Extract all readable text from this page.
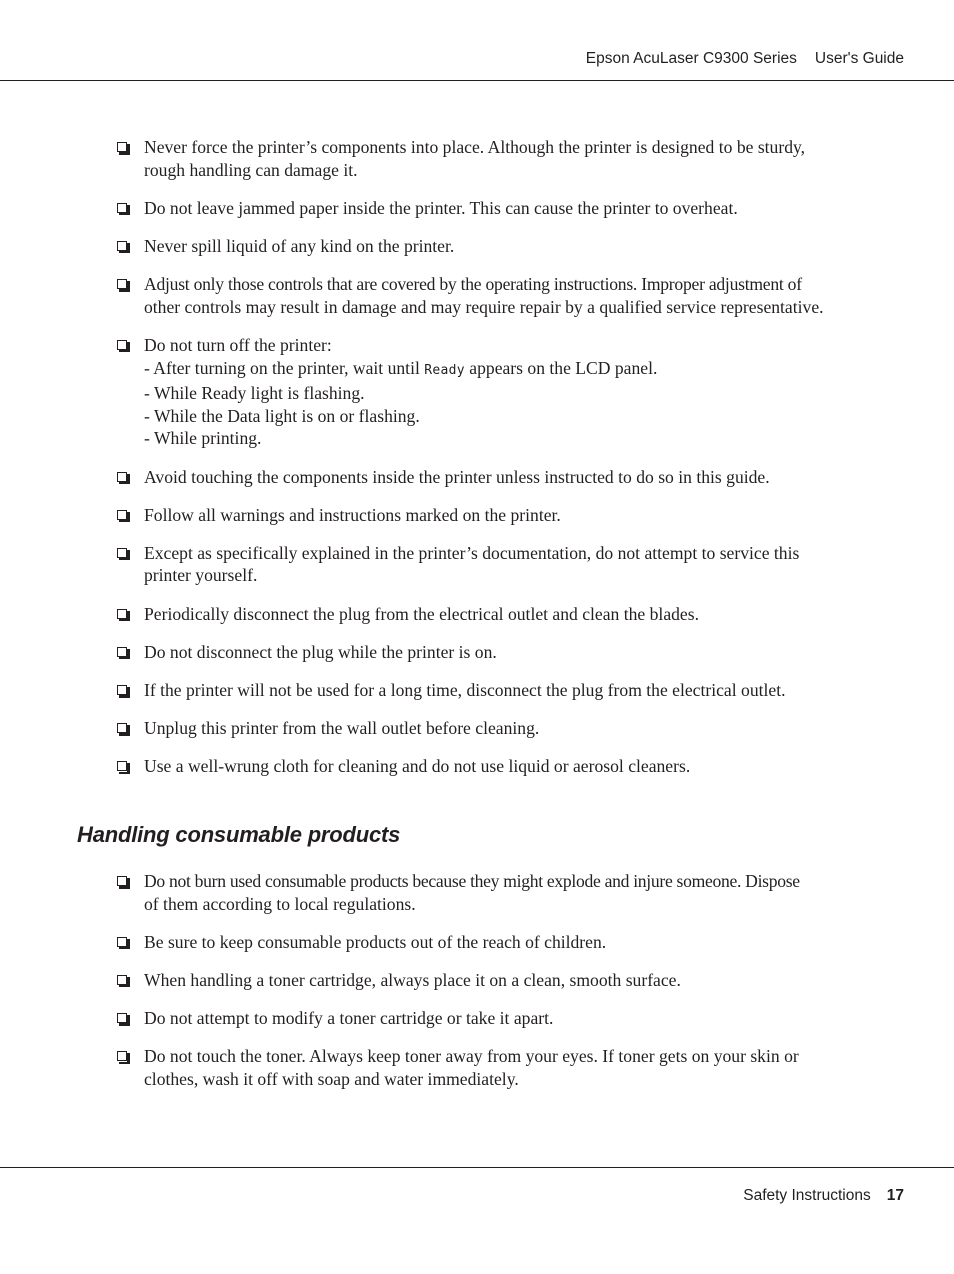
Epson AcuLaser C9300 Series User's Guide
Never force the printer’s components into place. Although the printer is designed to be sturdy,
rough handling can damage it.
Do not leave jammed paper inside the printer. This can cause the printer to overheat.
Never spill liquid of any kind on the printer.
Adjust only those controls that are covered by the operating instructions. Improper adjustment of
other controls may result in damage and may require repair by a qualified service representative.
Do not turn off the printer:
- After turning on the printer, wait until Ready appears on the LCD panel.
- While Ready light is flashing.
- While the Data light is on or flashing.
- While printing.
Avoid touching the components inside the printer unless instructed to do so in this guide.
Follow all warnings and instructions marked on the printer.
Except as specifically explained in the printer’s documentation, do not attempt to service this
printer yourself.
Periodically disconnect the plug from the electrical outlet and clean the blades.
Do not disconnect the plug while the printer is on.
If the printer will not be used for a long time, disconnect the plug from the electrical outlet.
Unplug this printer from the wall outlet before cleaning.
Use a well-wrung cloth for cleaning and do not use liquid or aerosol cleaners.
Handling consumable products
Do not burn used consumable products because they might explode and injure someone. Dispose
of them according to local regulations.
Be sure to keep consumable products out of the reach of children.
When handling a toner cartridge, always place it on a clean, smooth surface.
Do not attempt to modify a toner cartridge or take it apart.
Do not touch the toner. Always keep toner away from your eyes. If toner gets on your skin or
clothes, wash it off with soap and water immediately.
Safety Instructions 17
